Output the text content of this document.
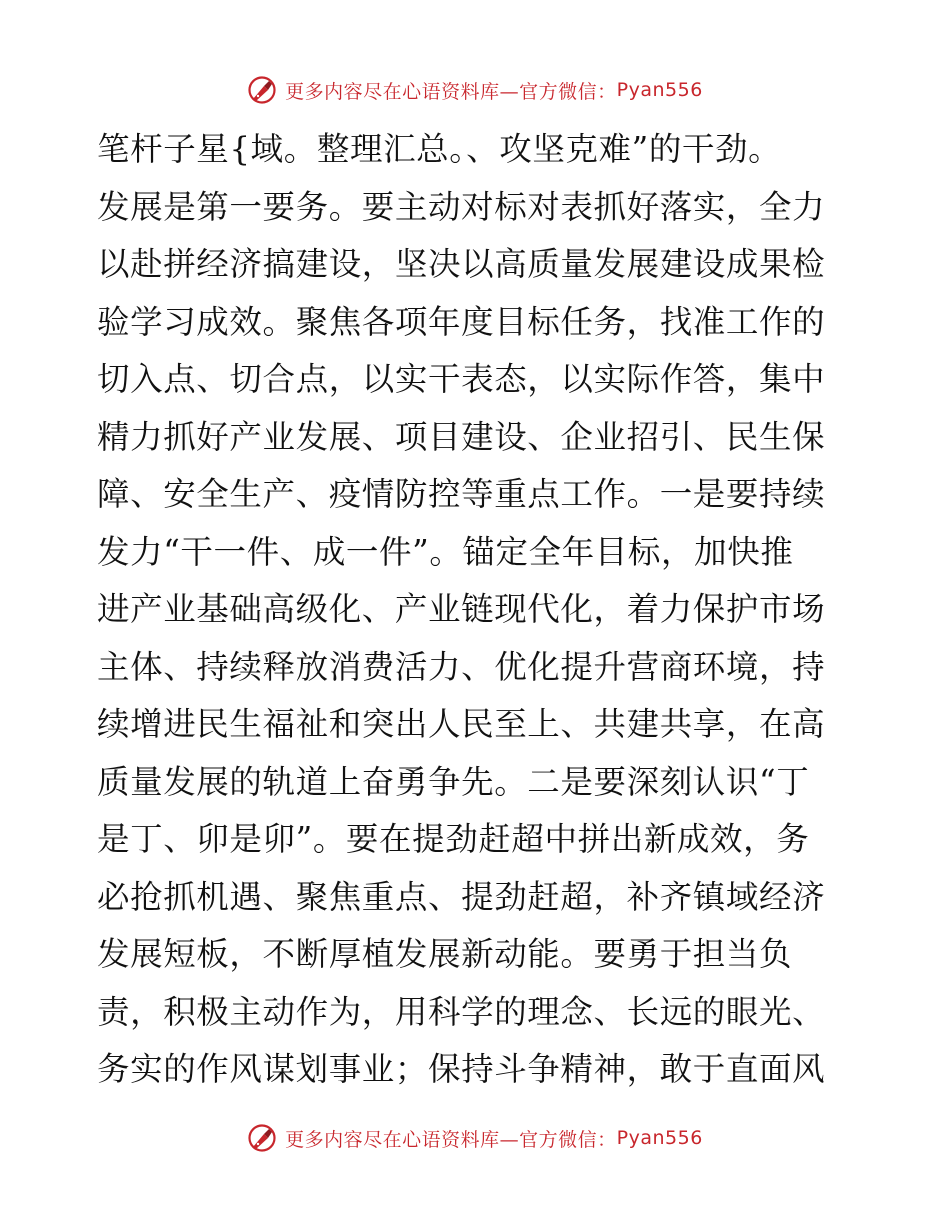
更多内容尽在心语资料库—官方微信： Pyan556
笔杆子星{域。整理汇总。、攻坚克难”的干劲。
发展是第一要务。要主动对标对表抓好落实，全力
以赴拼经济搞建设，坚决以高质量发展建设成果检
验学习成效。聚焦各项年度目标任务，找准工作的
切入点、切合点，以实干表态，以实际作答，集中
精力抓好产业发展、项目建设、企业招引、民生保
障、安全生产、疫情防控等重点工作。一是要持续
发力“干一件、成一件”。锚定全年目标，加快推
进产业基础高级化、产业链现代化，着力保护市场
主体、持续释放消费活力、优化提升营商环境，持
续增进民生福祉和突出人民至上、共建共享，在高
质量发展的轨道上奋勇争先。二是要深刻认识“丁
是丁、卯是卯”。要在提劲赶超中拼出新成效，务
必抢抓机遇、聚焦重点、提劲赶超，补齐镇域经济
发展短板，不断厚植发展新动能。要勇于担当负
责，积极主动作为，用科学的理念、长远的眼光、
务实的作风谋划事业；保持斗争精神，敢于直面风
更多内容尽在心语资料库—官方微信： Pyan556
